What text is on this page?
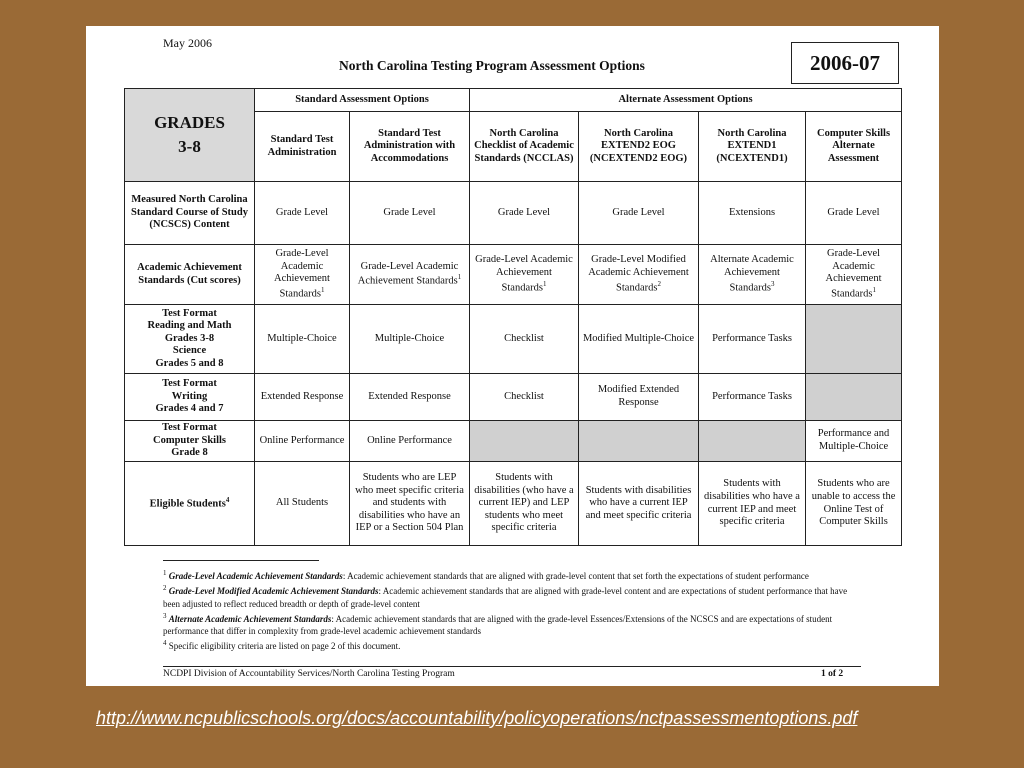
May 2006
North Carolina Testing Program Assessment Options	2006-07
GRADES
3-8	Standard Assessment Options		Alternate Assessment Options			
	Standard Test Administration	Standard Test Administration with Accommodations	North Carolina Checklist of Academic Standards (NCCLAS)	North Carolina EXTEND2 EOG (NCEXTEND2 EOG)	North Carolina EXTEND1 (NCEXTEND1)	Computer Skills Alternate Assessment
Measured North Carolina Standard Course of Study (NCSCS) Content	Grade Level	Grade Level	Grade Level	Grade Level	Extensions	Grade Level
Academic Achievement Standards (Cut scores)	Grade-Level Academic Achievement Standards$^1$	Grade-Level Academic Achievement Standards$^1$	Grade-Level Academic Achievement Standards$^1$	Grade-Level Modified Academic Achievement Standards$^2$	Alternate Academic Achievement Standards$^3$	Grade-Level Academic Achievement Standards$^1$
Test Format
Reading and Math
Grades 3-8
Science
Grades 5 and 8	Multiple-Choice	Multiple-Choice	Checklist	Modified Multiple-Choice	Performance Tasks	
Test Format
Writing
Grades 4 and 7	Extended Response	Extended Response	Checklist	Modified Extended Response	Performance Tasks	
Test Format
Computer Skills
Grade 8	Online Performance	Online Performance				Performance and Multiple-Choice
Eligible Students$^4$	All Students	Students who are LEP who meet specific criteria and students with disabilities who have an IEP or a Section 504 Plan	Students with disabilities (who have a current IEP) and LEP students who meet specific criteria	Students with disabilities who have a current IEP and meet specific criteria	Students with disabilities who have a current IEP and meet specific criteria	Students who are unable to access the Online Test of Computer Skills

$^1$ Grade-Level Academic Achievement Standards: Academic achievement standards that are aligned with grade-level content that set forth the expectations of student performance

$^2$ Grade-Level Modified Academic Achievement Standards: Academic achievement standards that are aligned with grade-level content and are expectations of student performance that have been adjusted to reflect reduced breadth or depth of grade-level content

$^3$ Alternate Academic Achievement Standards: Academic achievement standards that are aligned with the grade-level Essences/Extensions of the NCSCS and are expectations of student performance that differ in complexity from grade-level academic achievement standards

$^4$ Specific eligibility criteria are listed on page 2 of this document.

NCDPI Division of Accountability Services/North Carolina Testing Program	1 of 2
http://www.ncpublicschools.org/docs/accountability/policyoperations/nctpassessmentoptions.pdf
